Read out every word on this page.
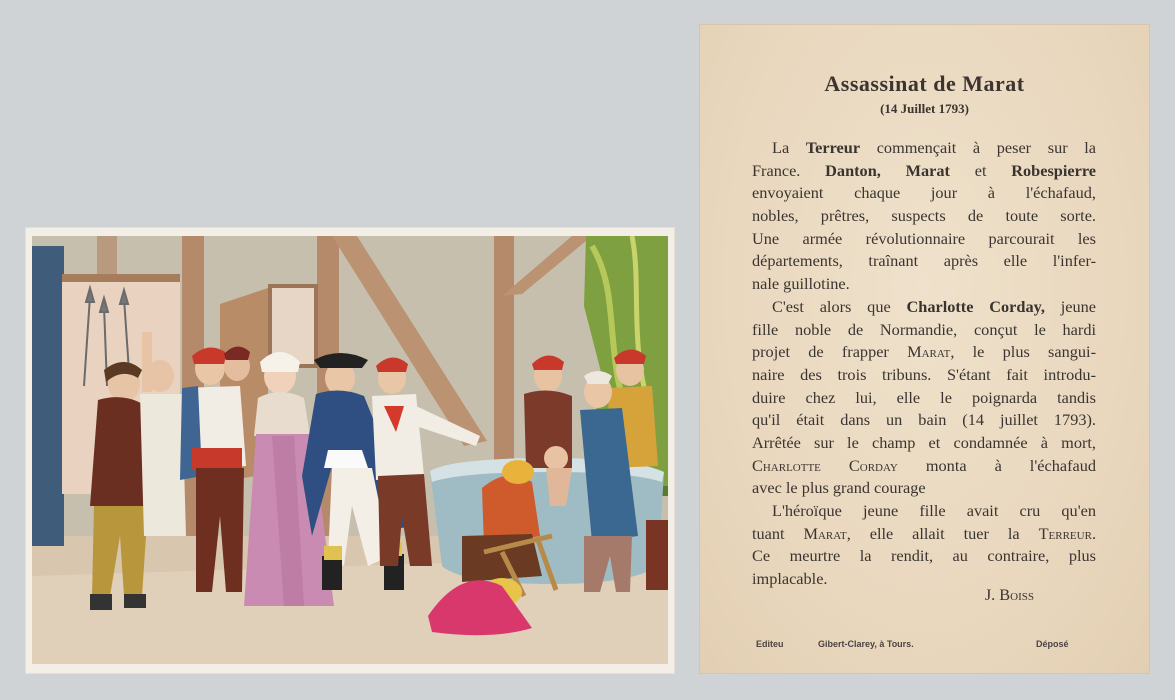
Assassinat de Marat
(14 Juillet 1793)
La Terreur commençait à peser sur la
France. Danton, Marat et Robespierre
envoyaient chaque jour à l'échafaud,
nobles, prêtres, suspects de toute sorte.
Une armée révolutionnaire parcourait les
départements, traînant après elle l'infer-
nale guillotine.
C'est alors que Charlotte Corday, jeune
fille noble de Normandie, conçut le hardi
projet de frapper Marat, le plus sangui-
naire des trois tribuns. S'étant fait introdu-
duire chez lui, elle le poignarda tandis
qu'il était dans un bain (14 juillet 1793).
Arrêtée sur le champ et condamnée à mort,
Charlotte Corday monta à l'échafaud
avec le plus grand courage
L'héroïque jeune fille avait cru qu'en
tuant Marat, elle allait tuer la Terreur.
Ce meurtre la rendit, au contraire, plus
implacable.
J. Boiss
Editeu	Gibert-Clarey, à Tours.	Déposé
